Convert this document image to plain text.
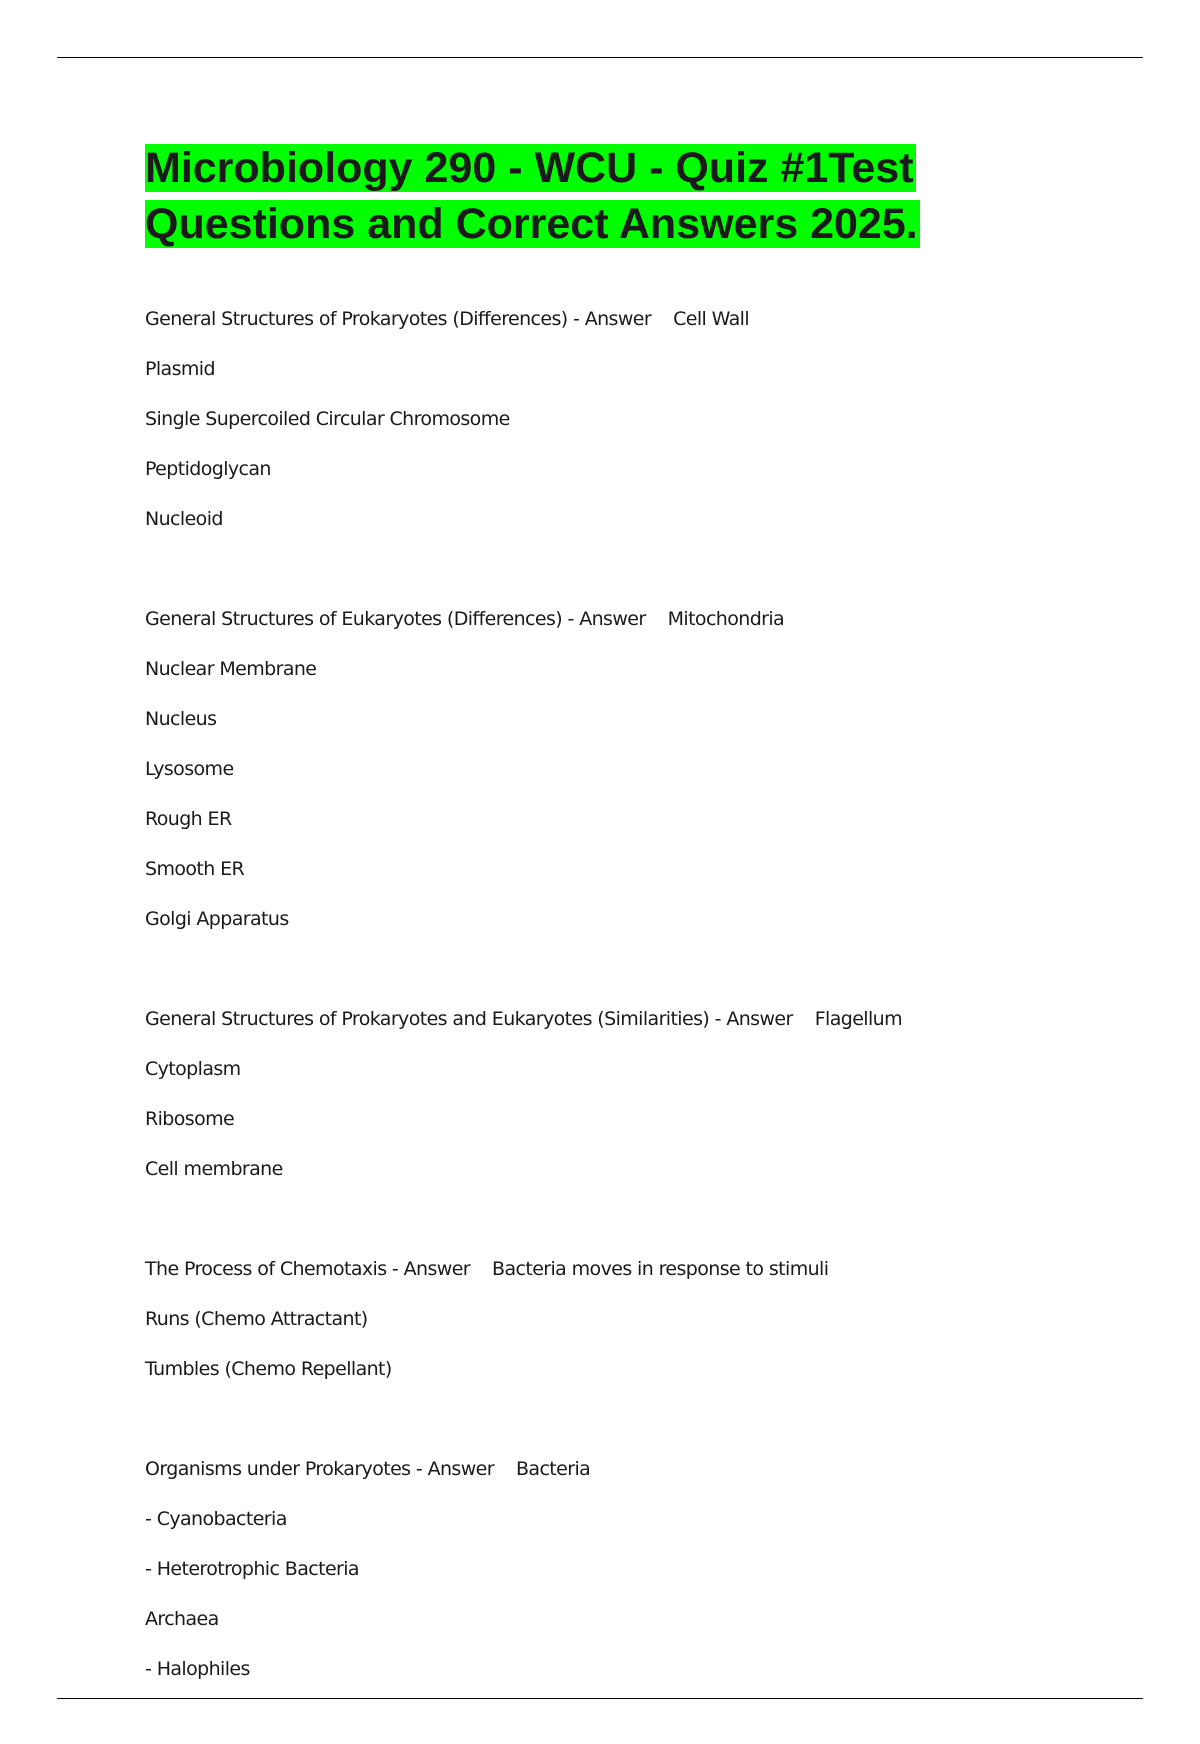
Microbiology 290 - WCU - Quiz #1Test
Questions and Correct Answers 2025.
General Structures of Prokaryotes (Differences) - Answer Cell Wall
Plasmid
Single Supercoiled Circular Chromosome
Peptidoglycan
Nucleoid
General Structures of Eukaryotes (Differences) - Answer Mitochondria
Nuclear Membrane
Nucleus
Lysosome
Rough ER
Smooth ER
Golgi Apparatus
General Structures of Prokaryotes and Eukaryotes (Similarities) - Answer Flagellum
Cytoplasm
Ribosome
Cell membrane
The Process of Chemotaxis - Answer Bacteria moves in response to stimuli
Runs (Chemo Attractant)
Tumbles (Chemo Repellant)
Organisms under Prokaryotes - Answer Bacteria
- Cyanobacteria
- Heterotrophic Bacteria
Archaea
- Halophiles
